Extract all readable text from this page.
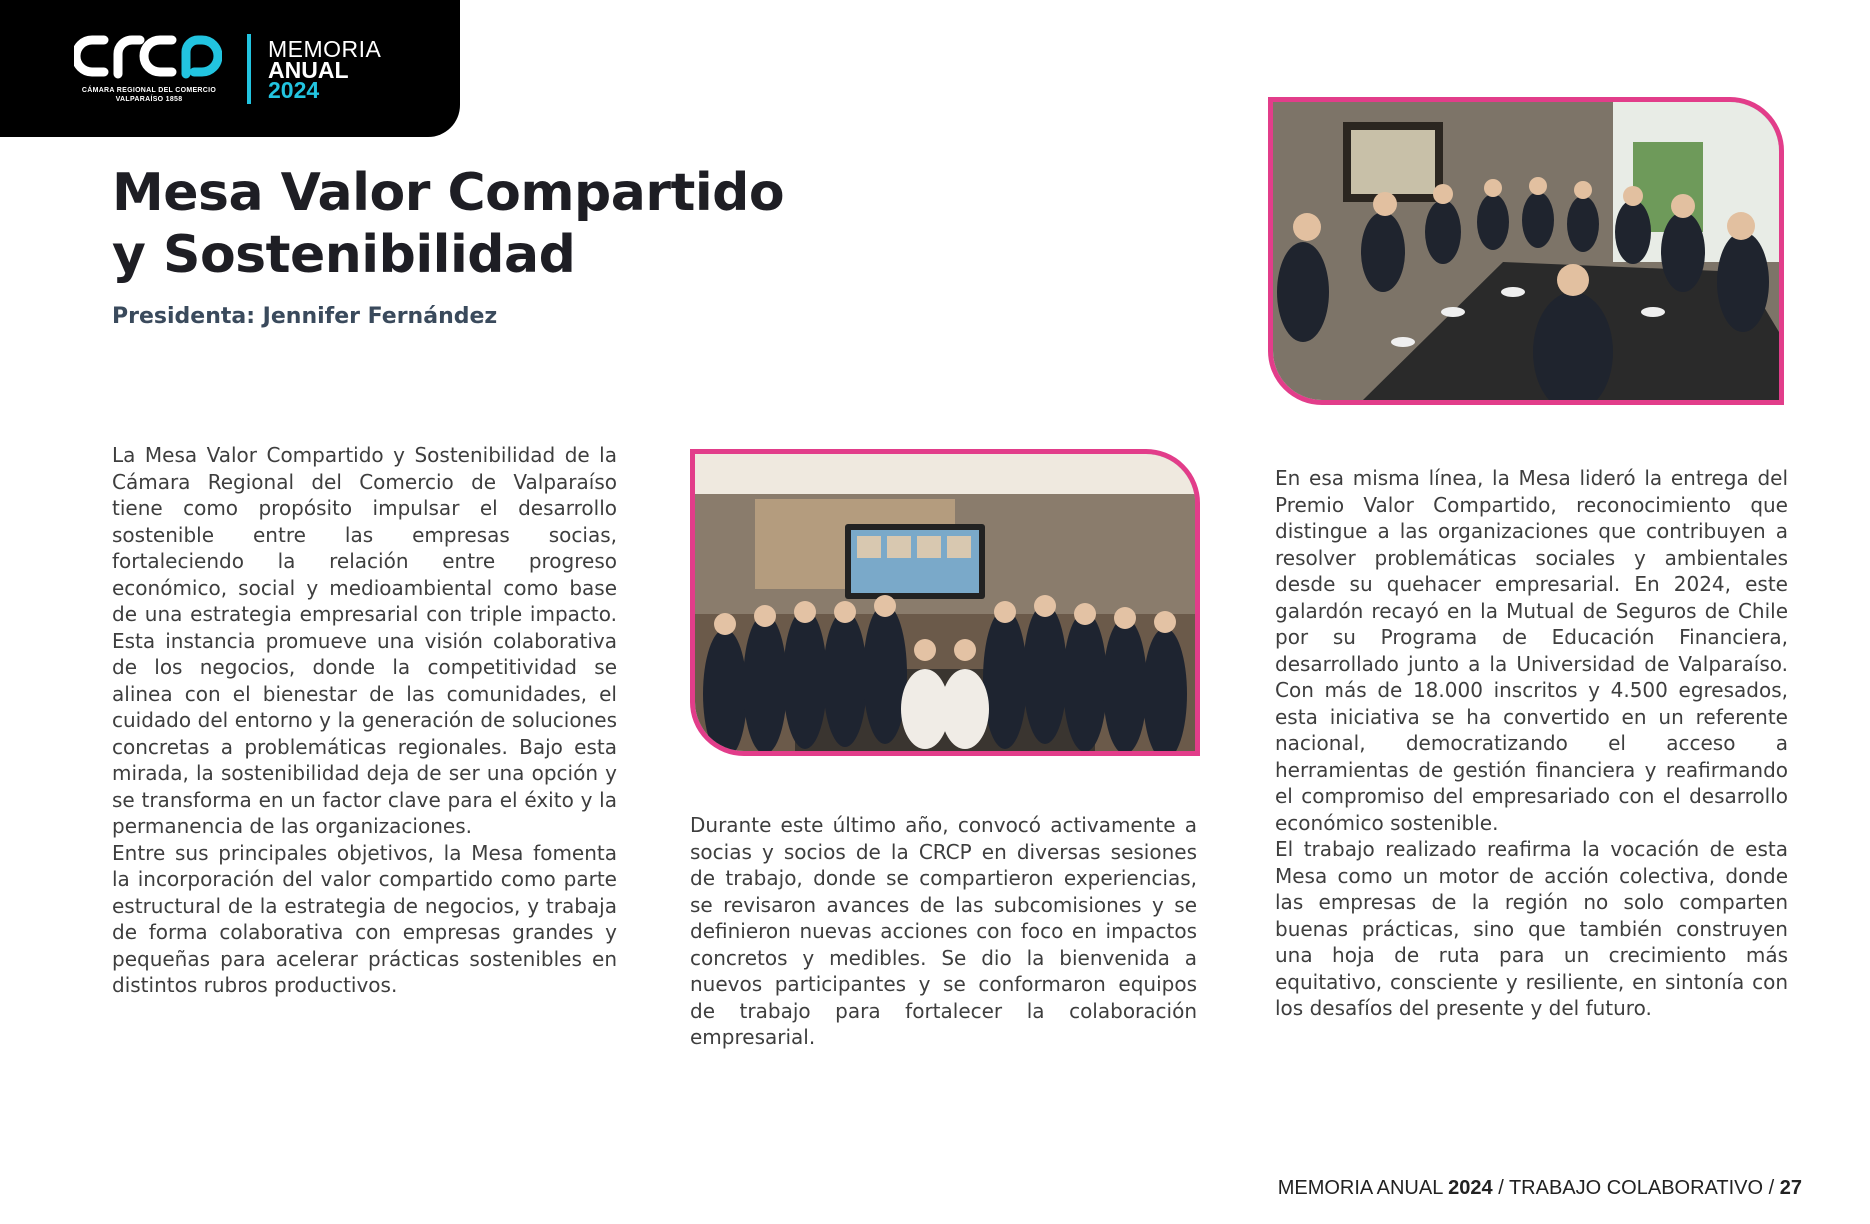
CÁMARA REGIONAL DEL COMERCIO
VALPARAÍSO 1858
MEMORIA
ANUAL
2024
Mesa Valor Compartido
y Sostenibilidad
Presidenta: Jennifer Fernández

La Mesa Valor Compartido y Sostenibilidad de la Cámara Regional del Comercio de Valparaíso tiene como propósito impulsar el desarrollo sostenible entre las empresas socias, fortaleciendo la relación entre progreso económico, social y medioambiental como base de una estrategia empresarial con triple impacto. Esta instancia promueve una visión colaborativa de los negocios, donde la competitividad se alinea con el bienestar de las comunidades, el cuidado del entorno y la generación de soluciones concretas a problemáticas regionales. Bajo esta mirada, la sostenibilidad deja de ser una opción y se transforma en un factor clave para el éxito y la permanencia de las organizaciones.

Entre sus principales objetivos, la Mesa fomenta la incorporación del valor compartido como parte estructural de la estrategia de negocios, y trabaja de forma colaborativa con empresas grandes y pequeñas para acelerar prácticas sostenibles en distintos rubros productivos.

Durante este último año, convocó activamente a socias y socios de la CRCP en diversas sesiones de trabajo, donde se compartieron experiencias, se revisaron avances de las subcomisiones y se definieron nuevas acciones con foco en impactos concretos y medibles. Se dio la bienvenida a nuevos participantes y se conformaron equipos de trabajo para fortalecer la colaboración empresarial.

En esa misma línea, la Mesa lideró la entrega del Premio Valor Compartido, reconocimiento que distingue a las organizaciones que contribuyen a resolver problemáticas sociales y ambientales desde su quehacer empresarial. En 2024, este galardón recayó en la Mutual de Seguros de Chile por su Programa de Educación Financiera, desarrollado junto a la Universidad de Valparaíso. Con más de 18.000 inscritos y 4.500 egresados, esta iniciativa se ha convertido en un referente nacional, democratizando el acceso a herramientas de gestión financiera y reafirmando el compromiso del empresariado con el desarrollo económico sostenible.

El trabajo realizado reafirma la vocación de esta Mesa como un motor de acción colectiva, donde las empresas de la región no solo comparten buenas prácticas, sino que también construyen una hoja de ruta para un crecimiento más equitativo, consciente y resiliente, en sintonía con los desafíos del presente y del futuro.

MEMORIA ANUAL 2024 / TRABAJO COLABORATIVO / 27
